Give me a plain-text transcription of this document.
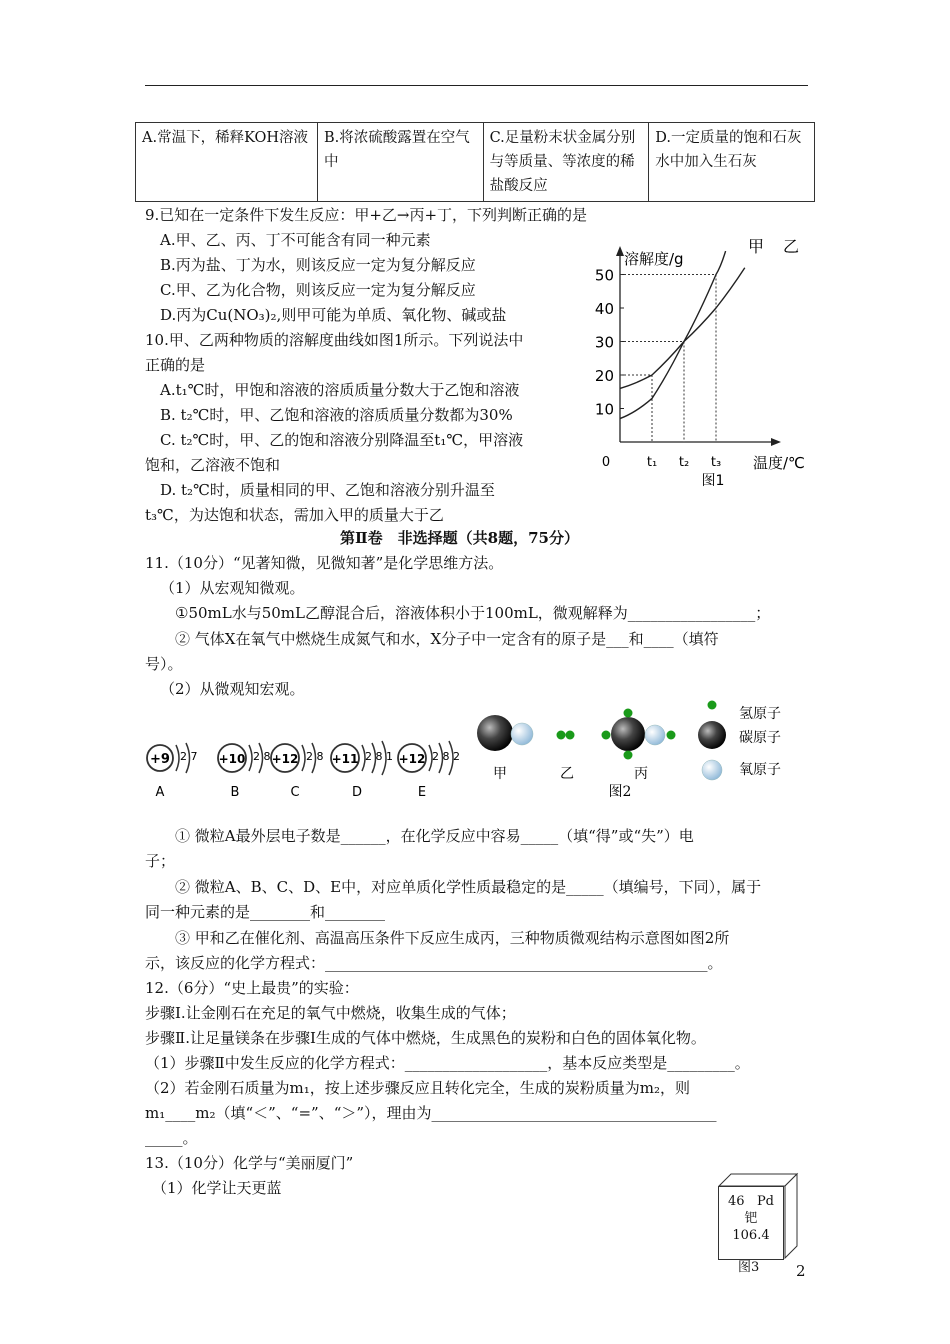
A.常温下，稀释KOH溶液	B.将浓硫酸露置在空气中	C.足量粉末状金属分别与等质量、等浓度的稀盐酸反应	D.一定质量的饱和石灰水中加入生石灰
9.已知在一定条件下发生反应：甲+乙→丙+丁，下列判断正确的是
A.甲、乙、丙、丁不可能含有同一种元素
B.丙为盐、丁为水，则该反应一定为复分解反应
C.甲、乙为化合物，则该反应一定为复分解反应
D.丙为Cu(NO₃)₂,则甲可能为单质、氧化物、碱或盐
10.甲、乙两种物质的溶解度曲线如图1所示。下列说法中
正确的是
A.t₁℃时，甲饱和溶液的溶质质量分数大于乙饱和溶液
B. t₂℃时，甲、乙饱和溶液的溶质质量分数都为30%
C. t₂℃时，甲、乙的饱和溶液分别降温至t₁℃，甲溶液
饱和，乙溶液不饱和
D. t₂℃时，质量相同的甲、乙饱和溶液分别升温至
t₃℃，为达饱和状态，需加入甲的质量大于乙
溶解度/g
温度/℃
10
20
30
40
50
0	t₁ t₂ t₃
甲 乙
图1
第Ⅱ卷　非选择题（共8题，75分）
11.（10分）“见著知微，见微知著”是化学思维方法。
（1）从宏观知微观。
①50mL水与50mL乙醇混合后，溶液体积小于100mL，微观解释为_________________；
② 气体X在氧气中燃烧生成氮气和水，X分子中一定含有的原子是___和____（填符
号）。
（2）从微观知宏观。
+9 2 7
A
+10 2 8
B
+12 2 8
C
+11 2 8 1
D
+12 2 8 2
E
甲	乙	丙
氢原子
碳原子
氧原子
图2
① 微粒A最外层电子数是______，在化学反应中容易_____（填“得”或“失”）电
子；
② 微粒A、B、C、D、E中，对应单质化学性质最稳定的是_____（填编号，下同），属于
同一种元素的是________和________
③ 甲和乙在催化剂、高温高压条件下反应生成丙，三种物质微观结构示意图如图2所
示，该反应的化学方程式：___________________________________________________。
12.（6分）“史上最贵”的实验：
步骤Ⅰ.让金刚石在充足的氧气中燃烧，收集生成的气体；
步骤Ⅱ.让足量镁条在步骤Ⅰ生成的气体中燃烧，生成黑色的炭粉和白色的固体氧化物。
（1）步骤Ⅱ中发生反应的化学方程式：___________________，基本反应类型是_________。
（2）若金刚石质量为m₁，按上述步骤反应且转化完全，生成的炭粉质量为m₂，则
m₁____m₂（填“＜”、“=”、“＞”），理由为______________________________________
_____。
13.（10分）化学与“美丽厦门”
（1）化学让天更蓝
46 Pd
钯
106.4
图3 2
